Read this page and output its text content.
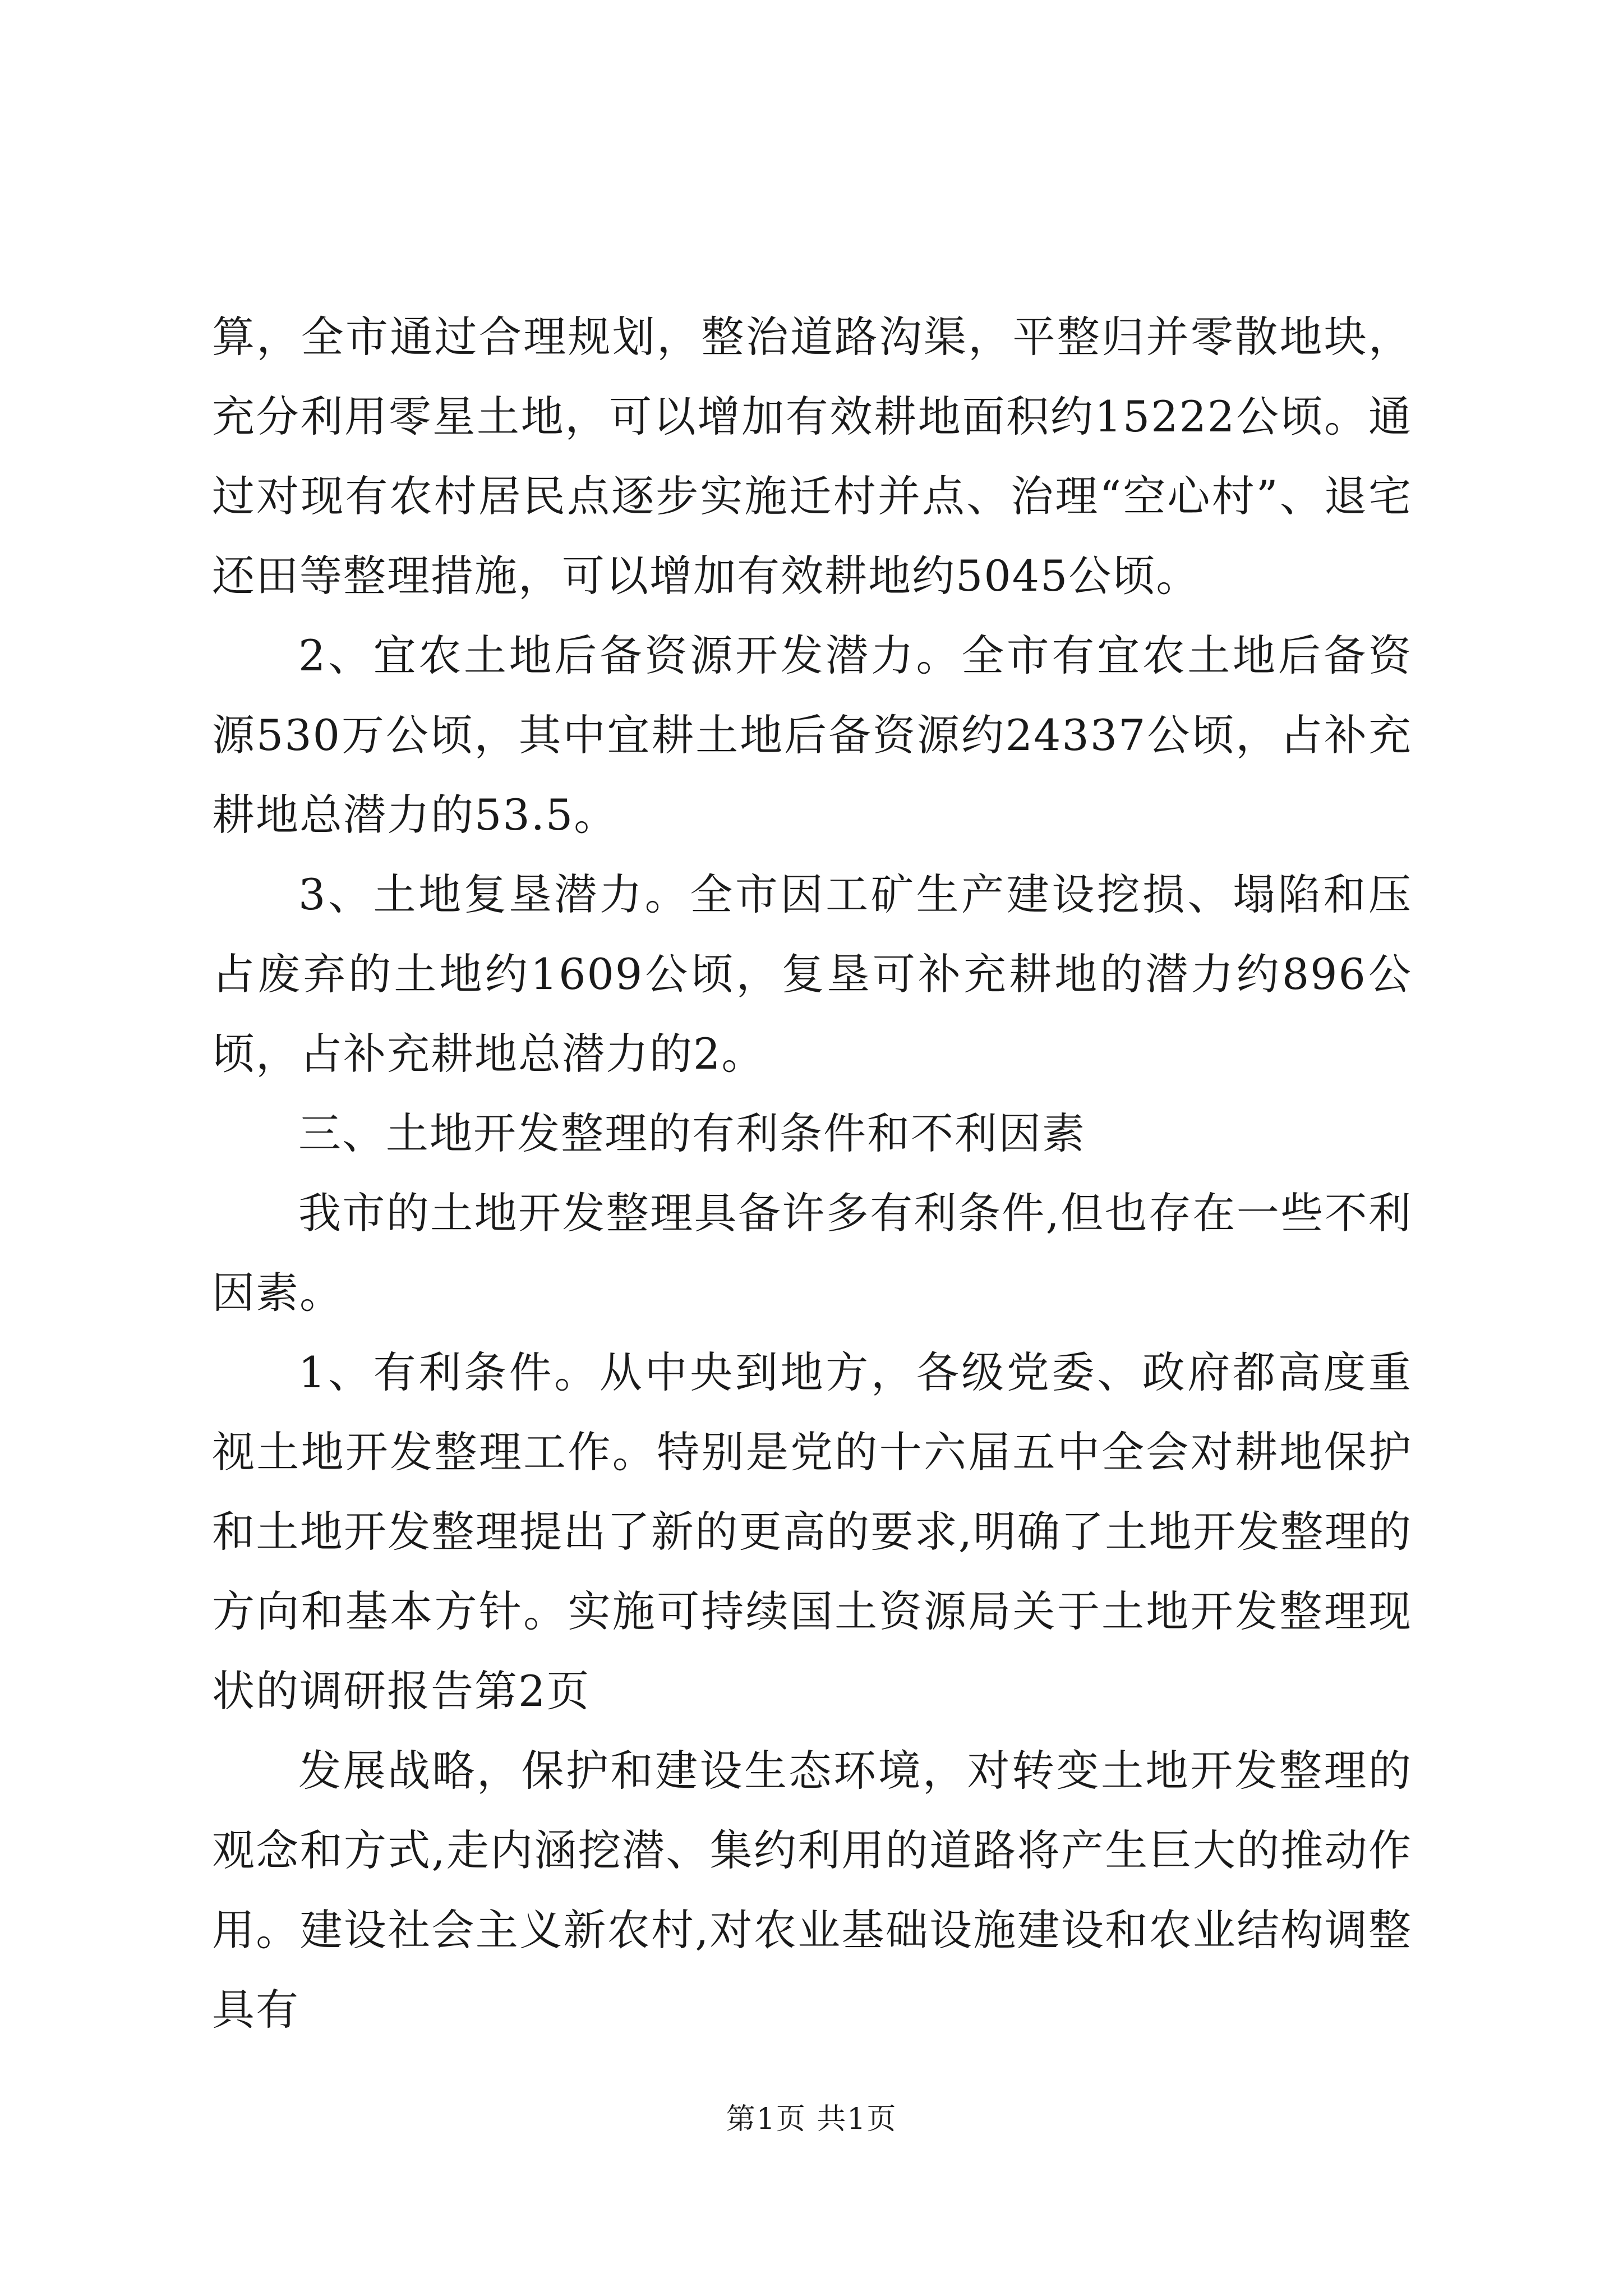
算，全市通过合理规划，整治道路沟渠，平整归并零散地块，充分利用零星土地，可以增加有效耕地面积约15222公顷。通过对现有农村居民点逐步实施迁村并点、治理“空心村”、退宅还田等整理措施，可以增加有效耕地约5045公顷。

2、宜农土地后备资源开发潜力。全市有宜农土地后备资源530万公顷，其中宜耕土地后备资源约24337公顷，占补充耕地总潜力的53.5。

3、土地复垦潜力。全市因工矿生产建设挖损、塌陷和压占废弃的土地约1609公顷，复垦可补充耕地的潜力约896公顷，占补充耕地总潜力的2。

三、土地开发整理的有利条件和不利因素

我市的土地开发整理具备许多有利条件,但也存在一些不利因素。

1、有利条件。从中央到地方，各级党委、政府都高度重视土地开发整理工作。特别是党的十六届五中全会对耕地保护和土地开发整理提出了新的更高的要求,明确了土地开发整理的方向和基本方针。实施可持续国土资源局关于土地开发整理现状的调研报告第2页

发展战略，保护和建设生态环境，对转变土地开发整理的观念和方式,走内涵挖潜、集约利用的道路将产生巨大的推动作用。建设社会主义新农村,对农业基础设施建设和农业结构调整具有

第1页 共1页
